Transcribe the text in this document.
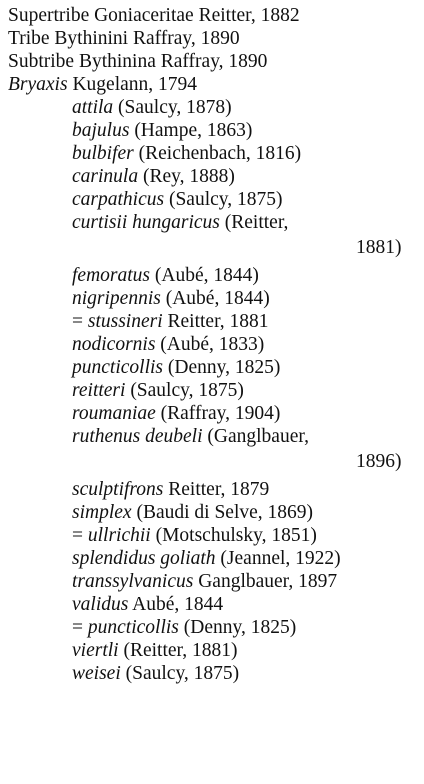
Supertribe Goniaceritae Reitter, 1882
Tribe Bythinini Raffray, 1890
Subtribe Bythinina Raffray, 1890
Bryaxis Kugelann, 1794
attila (Saulcy, 1878)
bajulus (Hampe, 1863)
bulbifer (Reichenbach, 1816)
carinula (Rey, 1888)
carpathicus (Saulcy, 1875)
curtisii hungaricus (Reitter,
1881)
femoratus (Aubé, 1844)
nigripennis (Aubé, 1844)
= stussineri Reitter, 1881
nodicornis (Aubé, 1833)
puncticollis (Denny, 1825)
reitteri (Saulcy, 1875)
roumaniae (Raffray, 1904)
ruthenus deubeli (Ganglbauer,
1896)
sculptifrons Reitter, 1879
simplex (Baudi di Selve, 1869)
= ullrichii (Motschulsky, 1851)
splendidus goliath (Jeannel, 1922)
transsylvanicus Ganglbauer, 1897
validus Aubé, 1844
= puncticollis (Denny, 1825)
viertli (Reitter, 1881)
weisei (Saulcy, 1875)
